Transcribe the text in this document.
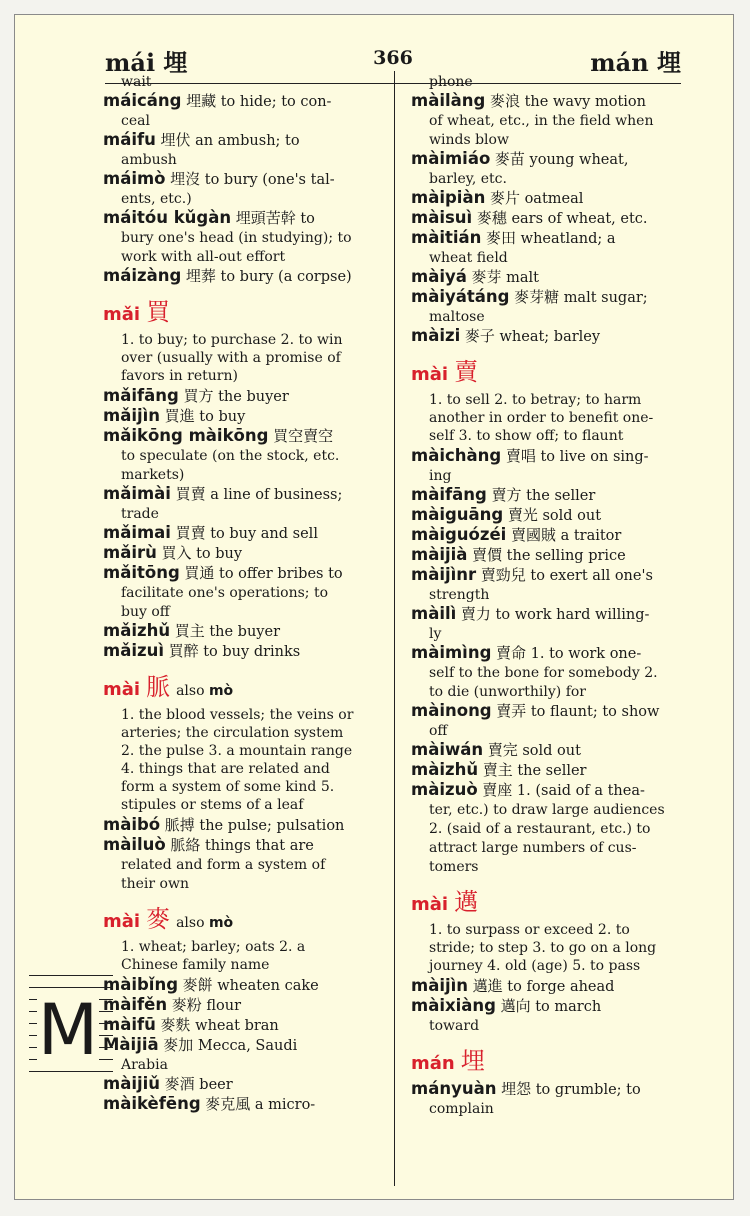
mái 埋	366	mán 埋
wait
máicáng 埋藏 to hide; to con-
ceal
máifu 埋伏 an ambush; to
ambush
máimò 埋沒 to bury (one's tal-
ents, etc.)
máitóu kǔgàn 埋頭苦幹 to
bury one's head (in studying); to
work with all-out effort
máizàng 埋葬 to bury (a corpse)
mǎi 買
1. to buy; to purchase 2. to win
over (usually with a promise of
favors in return)
mǎifāng 買方 the buyer
mǎijìn 買進 to buy
mǎikōng màikōng 買空賣空
to speculate (on the stock, etc.
markets)
mǎimài 買賣 a line of business;
trade
mǎimai 買賣 to buy and sell
mǎirù 買入 to buy
mǎitōng 買通 to offer bribes to
facilitate one's operations; to
buy off
mǎizhǔ 買主 the buyer
mǎizuì 買醉 to buy drinks
mài 脈 also mò
1. the blood vessels; the veins or
arteries; the circulation system
2. the pulse 3. a mountain range
4. things that are related and
form a system of some kind 5.
stipules or stems of a leaf
màibó 脈搏 the pulse; pulsation
màiluò 脈絡 things that are
related and form a system of
their own
mài 麥 also mò
1. wheat; barley; oats 2. a
Chinese family name
màibǐng 麥餅 wheaten cake
màifěn 麥粉 flour
màifū 麥麩 wheat bran
Màijiā 麥加 Mecca, Saudi
Arabia
màijiǔ 麥酒 beer
màikèfēng 麥克風 a micro-
phone
màilàng 麥浪 the wavy motion
of wheat, etc., in the field when
winds blow
màimiáo 麥苗 young wheat,
barley, etc.
màipiàn 麥片 oatmeal
màisuì 麥穗 ears of wheat, etc.
màitián 麥田 wheatland; a
wheat field
màiyá 麥芽 malt
màiyátáng 麥芽糖 malt sugar;
maltose
màizi 麥子 wheat; barley
mài 賣
1. to sell 2. to betray; to harm
another in order to benefit one-
self 3. to show off; to flaunt
màichàng 賣唱 to live on sing-
ing
màifāng 賣方 the seller
màiguāng 賣光 sold out
màiguózéi 賣國賊 a traitor
màijià 賣價 the selling price
màijìnr 賣勁兒 to exert all one's
strength
màilì 賣力 to work hard willing-
ly
màimìng 賣命 1. to work one-
self to the bone for somebody 2.
to die (unworthily) for
màinong 賣弄 to flaunt; to show
off
màiwán 賣完 sold out
màizhǔ 賣主 the seller
màizuò 賣座 1. (said of a thea-
ter, etc.) to draw large audiences
2. (said of a restaurant, etc.) to
attract large numbers of cus-
tomers
mài 邁
1. to surpass or exceed 2. to
stride; to step 3. to go on a long
journey 4. old (age) 5. to pass
màijìn 邁進 to forge ahead
màixiàng 邁向 to march
toward
mán 埋
mányuàn 埋怨 to grumble; to
complain
M
